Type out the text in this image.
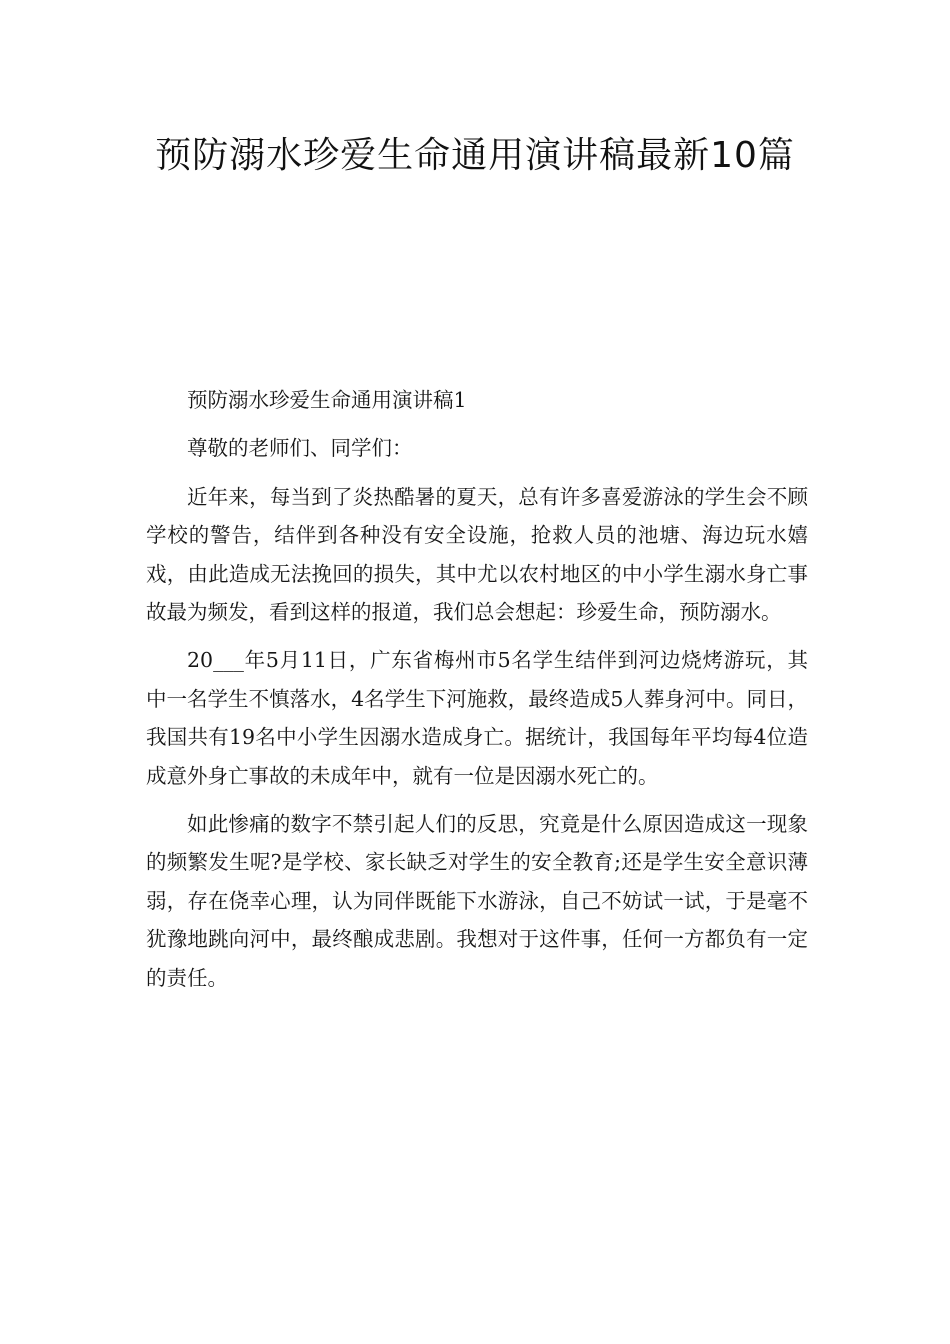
预防溺水珍爱生命通用演讲稿最新10篇

预防溺水珍爱生命通用演讲稿1

尊敬的老师们、同学们：

近年来，每当到了炎热酷暑的夏天，总有许多喜爱游泳的学生会不顾学校的警告，结伴到各种没有安全设施，抢救人员的池塘、海边玩水嬉戏，由此造成无法挽回的损失，其中尤以农村地区的中小学生溺水身亡事故最为频发，看到这样的报道，我们总会想起：珍爱生命，预防溺水。

20___年5月11日，广东省梅州市5名学生结伴到河边烧烤游玩，其中一名学生不慎落水，4名学生下河施救，最终造成5人葬身河中。同日，我国共有19名中小学生因溺水造成身亡。据统计，我国每年平均每4位造成意外身亡事故的未成年中，就有一位是因溺水死亡的。

如此惨痛的数字不禁引起人们的反思，究竟是什么原因造成这一现象的频繁发生呢?是学校、家长缺乏对学生的安全教育;还是学生安全意识薄弱，存在侥幸心理，认为同伴既能下水游泳，自己不妨试一试，于是毫不犹豫地跳向河中，最终酿成悲剧。我想对于这件事，任何一方都负有一定的责任。
